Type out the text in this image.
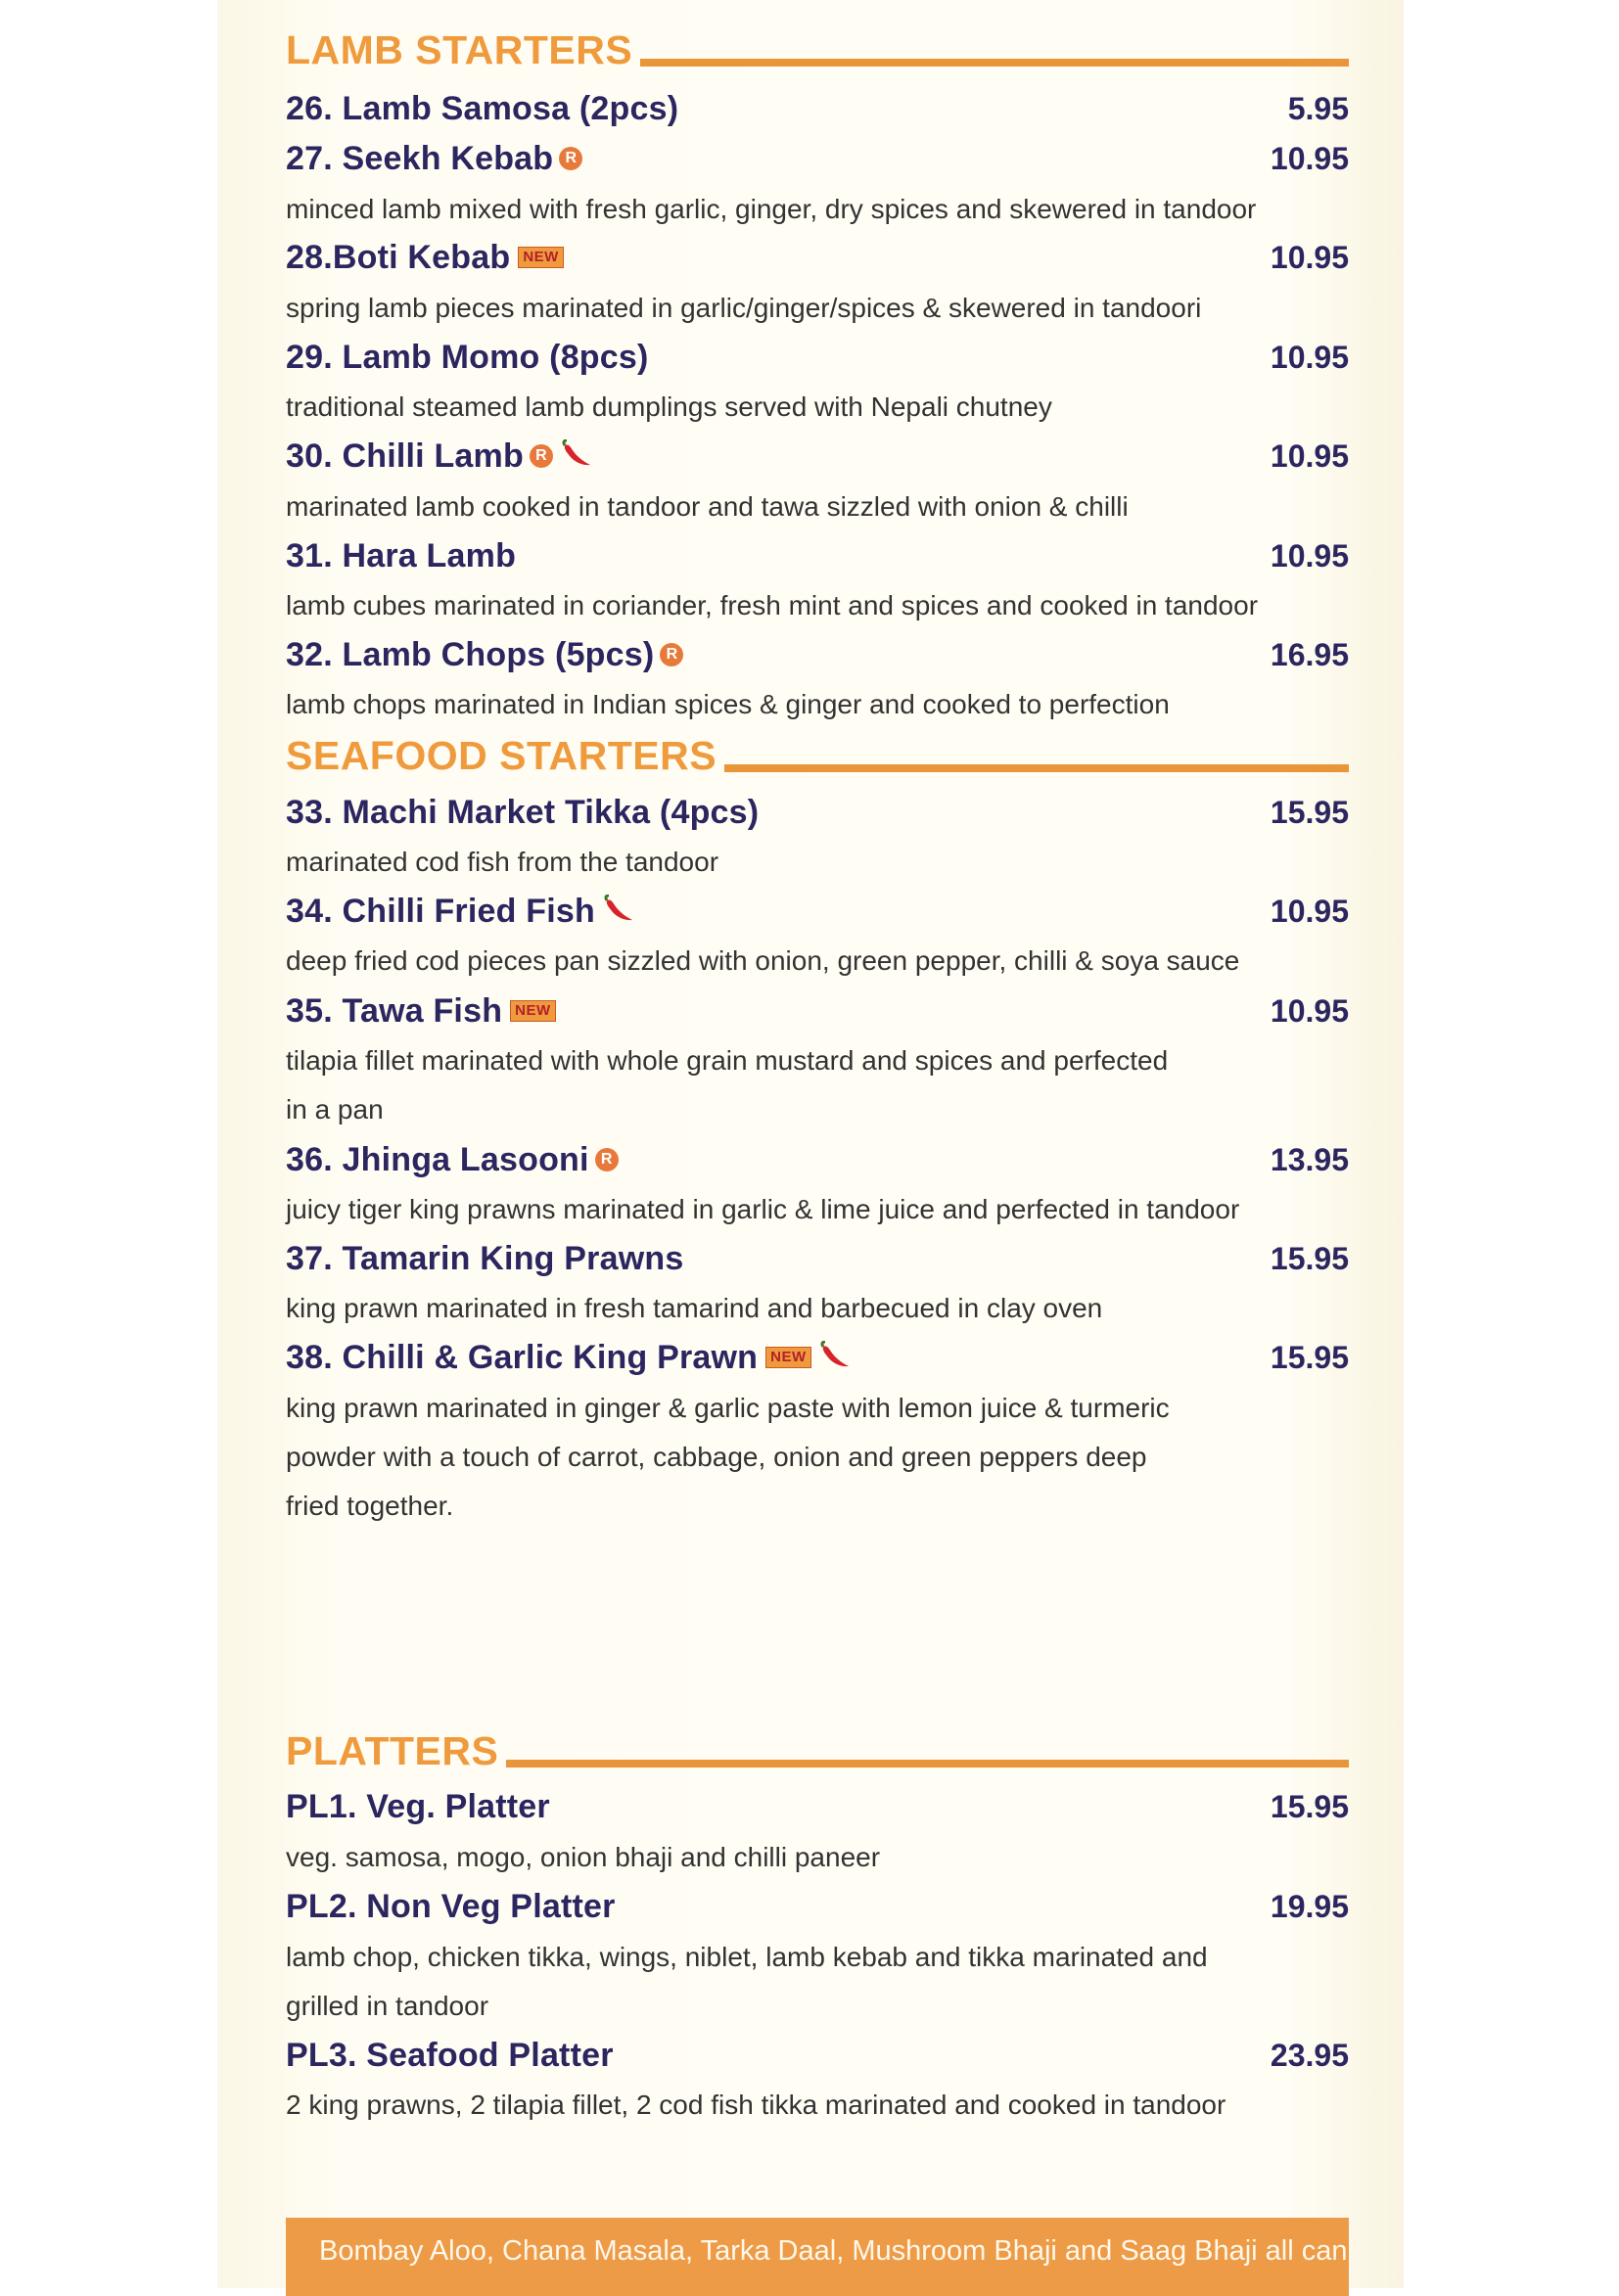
LAMB STARTERS
26. Lamb Samosa (2pcs)	5.95
27. Seekh Kebab R	10.95
minced lamb mixed with fresh garlic, ginger, dry spices and skewered in tandoor
28.Boti Kebab NEW	10.95
spring lamb pieces marinated in garlic/ginger/spices & skewered in tandoori
29. Lamb Momo (8pcs)	10.95
traditional steamed lamb dumplings served with Nepali chutney
30. Chilli Lamb R	10.95
marinated lamb cooked in tandoor and tawa sizzled with onion & chilli
31. Hara Lamb	10.95
lamb cubes marinated in coriander, fresh mint and spices and cooked in tandoor
32. Lamb Chops (5pcs) R	16.95
lamb chops marinated in Indian spices & ginger and cooked to perfection
SEAFOOD STARTERS
33. Machi Market Tikka (4pcs)	15.95
marinated cod fish from the tandoor
34. Chilli Fried Fish	10.95
deep fried cod pieces pan sizzled with onion, green pepper, chilli & soya sauce
35. Tawa Fish NEW	10.95
tilapia fillet marinated with whole grain mustard and spices and perfected
in a pan
36. Jhinga Lasooni R	13.95
juicy tiger king prawns marinated in garlic & lime juice and perfected in tandoor
37. Tamarin King Prawns	15.95
king prawn marinated in fresh tamarind and barbecued in clay oven
38. Chilli & Garlic King Prawn NEW	15.95
king prawn marinated in ginger & garlic paste with lemon juice & turmeric
powder with a touch of carrot, cabbage, onion and green peppers deep
fried together.
PLATTERS
PL1. Veg. Platter	15.95
veg. samosa, mogo, onion bhaji and chilli paneer
PL2. Non Veg Platter	19.95
lamb chop, chicken tikka, wings, niblet, lamb kebab and tikka marinated and
grilled in tandoor
PL3. Seafood Platter	23.95
2 king prawns, 2 tilapia fillet, 2 cod fish tikka marinated and cooked in tandoor
Bombay Aloo, Chana Masala, Tarka Daal, Mushroom Bhaji and Saag Bhaji all can
